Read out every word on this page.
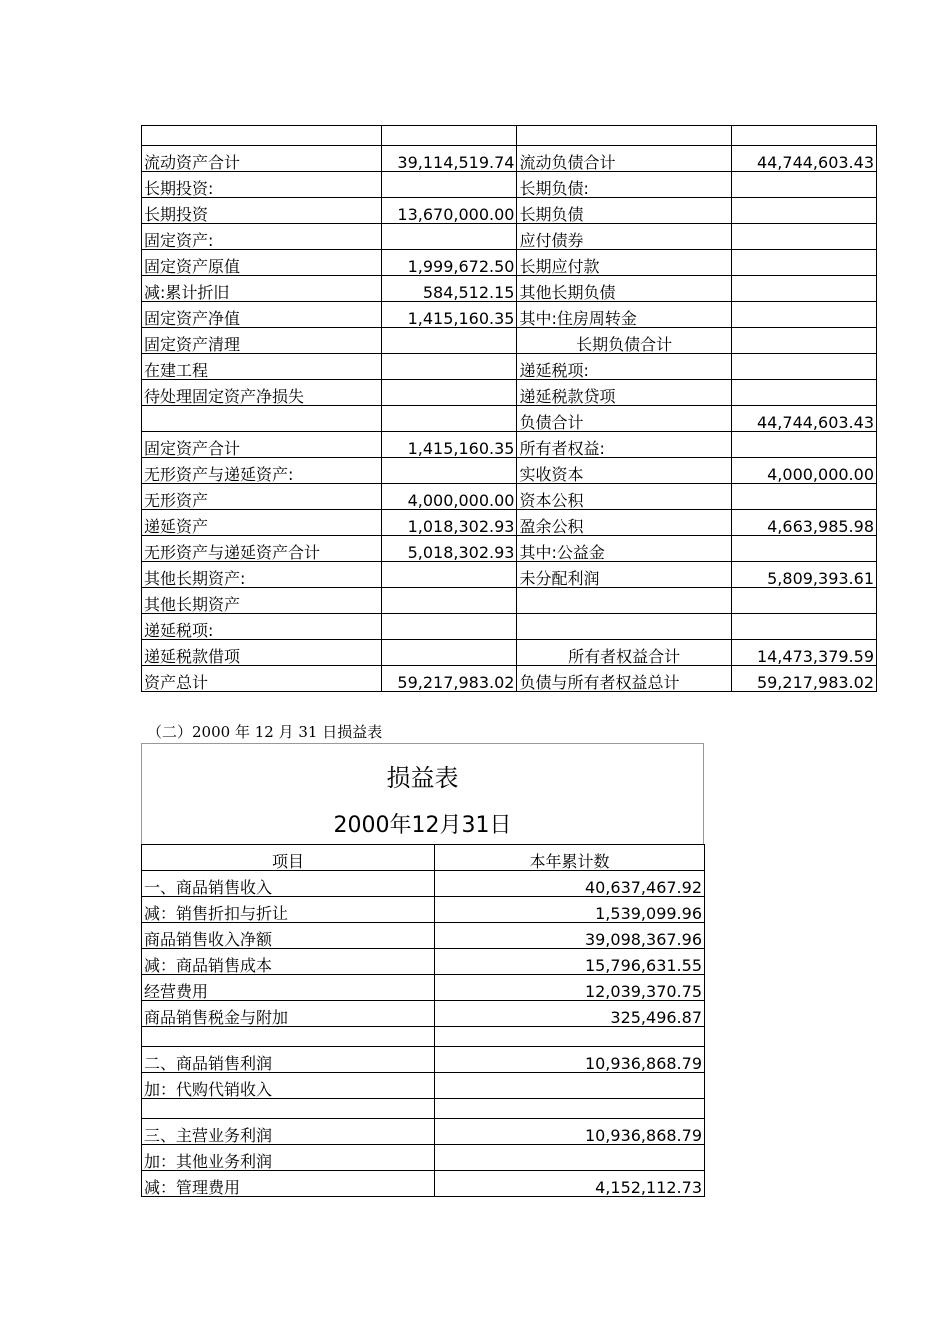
流动资产合计	39,114,519.74	流动负债合计	44,744,603.43
长期投资:		长期负债:	
长期投资	13,670,000.00	长期负债	
固定资产:		应付债券	
固定资产原值	1,999,672.50	长期应付款	
减:累计折旧	584,512.15	其他长期负债	
固定资产净值	1,415,160.35	其中:住房周转金	
固定资产清理		长期负债合计	
在建工程		递延税项:	
待处理固定资产净损失		递延税款贷项	
		负债合计	44,744,603.43
固定资产合计	1,415,160.35	所有者权益:	
无形资产与递延资产:		实收资本	4,000,000.00
无形资产	4,000,000.00	资本公积	
递延资产	1,018,302.93	盈余公积	4,663,985.98
无形资产与递延资产合计	5,018,302.93	其中:公益金	
其他长期资产:		未分配利润	5,809,393.61
其他长期资产			
递延税项:			
递延税款借项		所有者权益合计	14,473,379.59
资产总计	59,217,983.02	负债与所有者权益总计	59,217,983.02
（二）2000 年 12 月 31 日损益表
损益表
2000年12月31日
项目	本年累计数
一、商品销售收入	40,637,467.92
减：销售折扣与折让	1,539,099.96
商品销售收入净额	39,098,367.96
减：商品销售成本	15,796,631.55
经营费用	12,039,370.75
商品销售税金与附加	325,496.87

二、商品销售利润	10,936,868.79
加：代购代销收入	

三、主营业务利润	10,936,868.79
加：其他业务利润	
减：管理费用	4,152,112.73
